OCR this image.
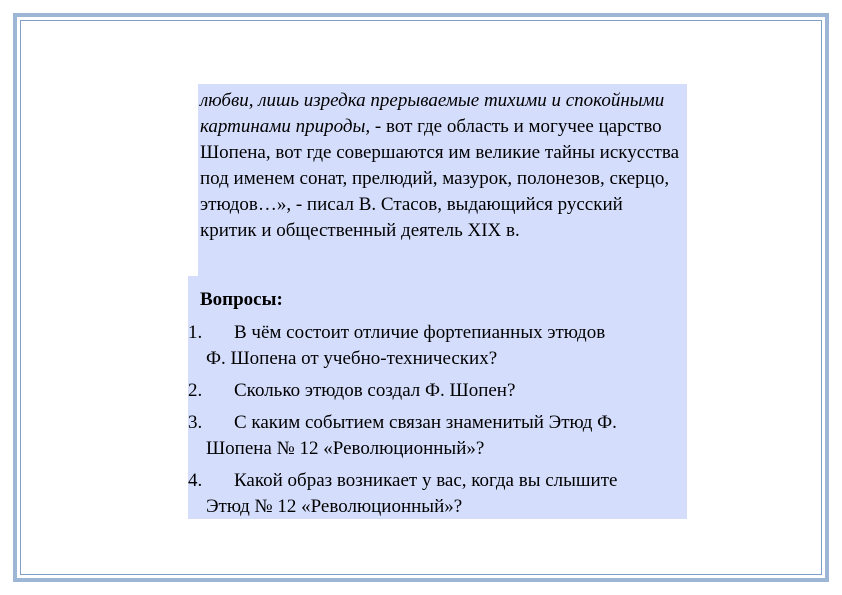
любви, лишь изредка прерываемые тихими и спокойными картинами природы, - вот где область и могучее царство Шопена, вот где совершаются им великие тайны искусства под именем сонат, прелюдий, мазурок, полонезов, скерцо, этюдов…», - писал В. Стасов, выдающийся русский критик и общественный деятель XIX в.
Вопросы:
1. В чём состоит отличие фортепианных этюдов
Ф. Шопена от учебно-технических?
2. Сколько этюдов создал Ф. Шопен?
3. С каким событием связан знаменитый Этюд Ф.
Шопена № 12 «Революционный»?
4. Какой образ возникает у вас, когда вы слышите
Этюд № 12 «Революционный»?
